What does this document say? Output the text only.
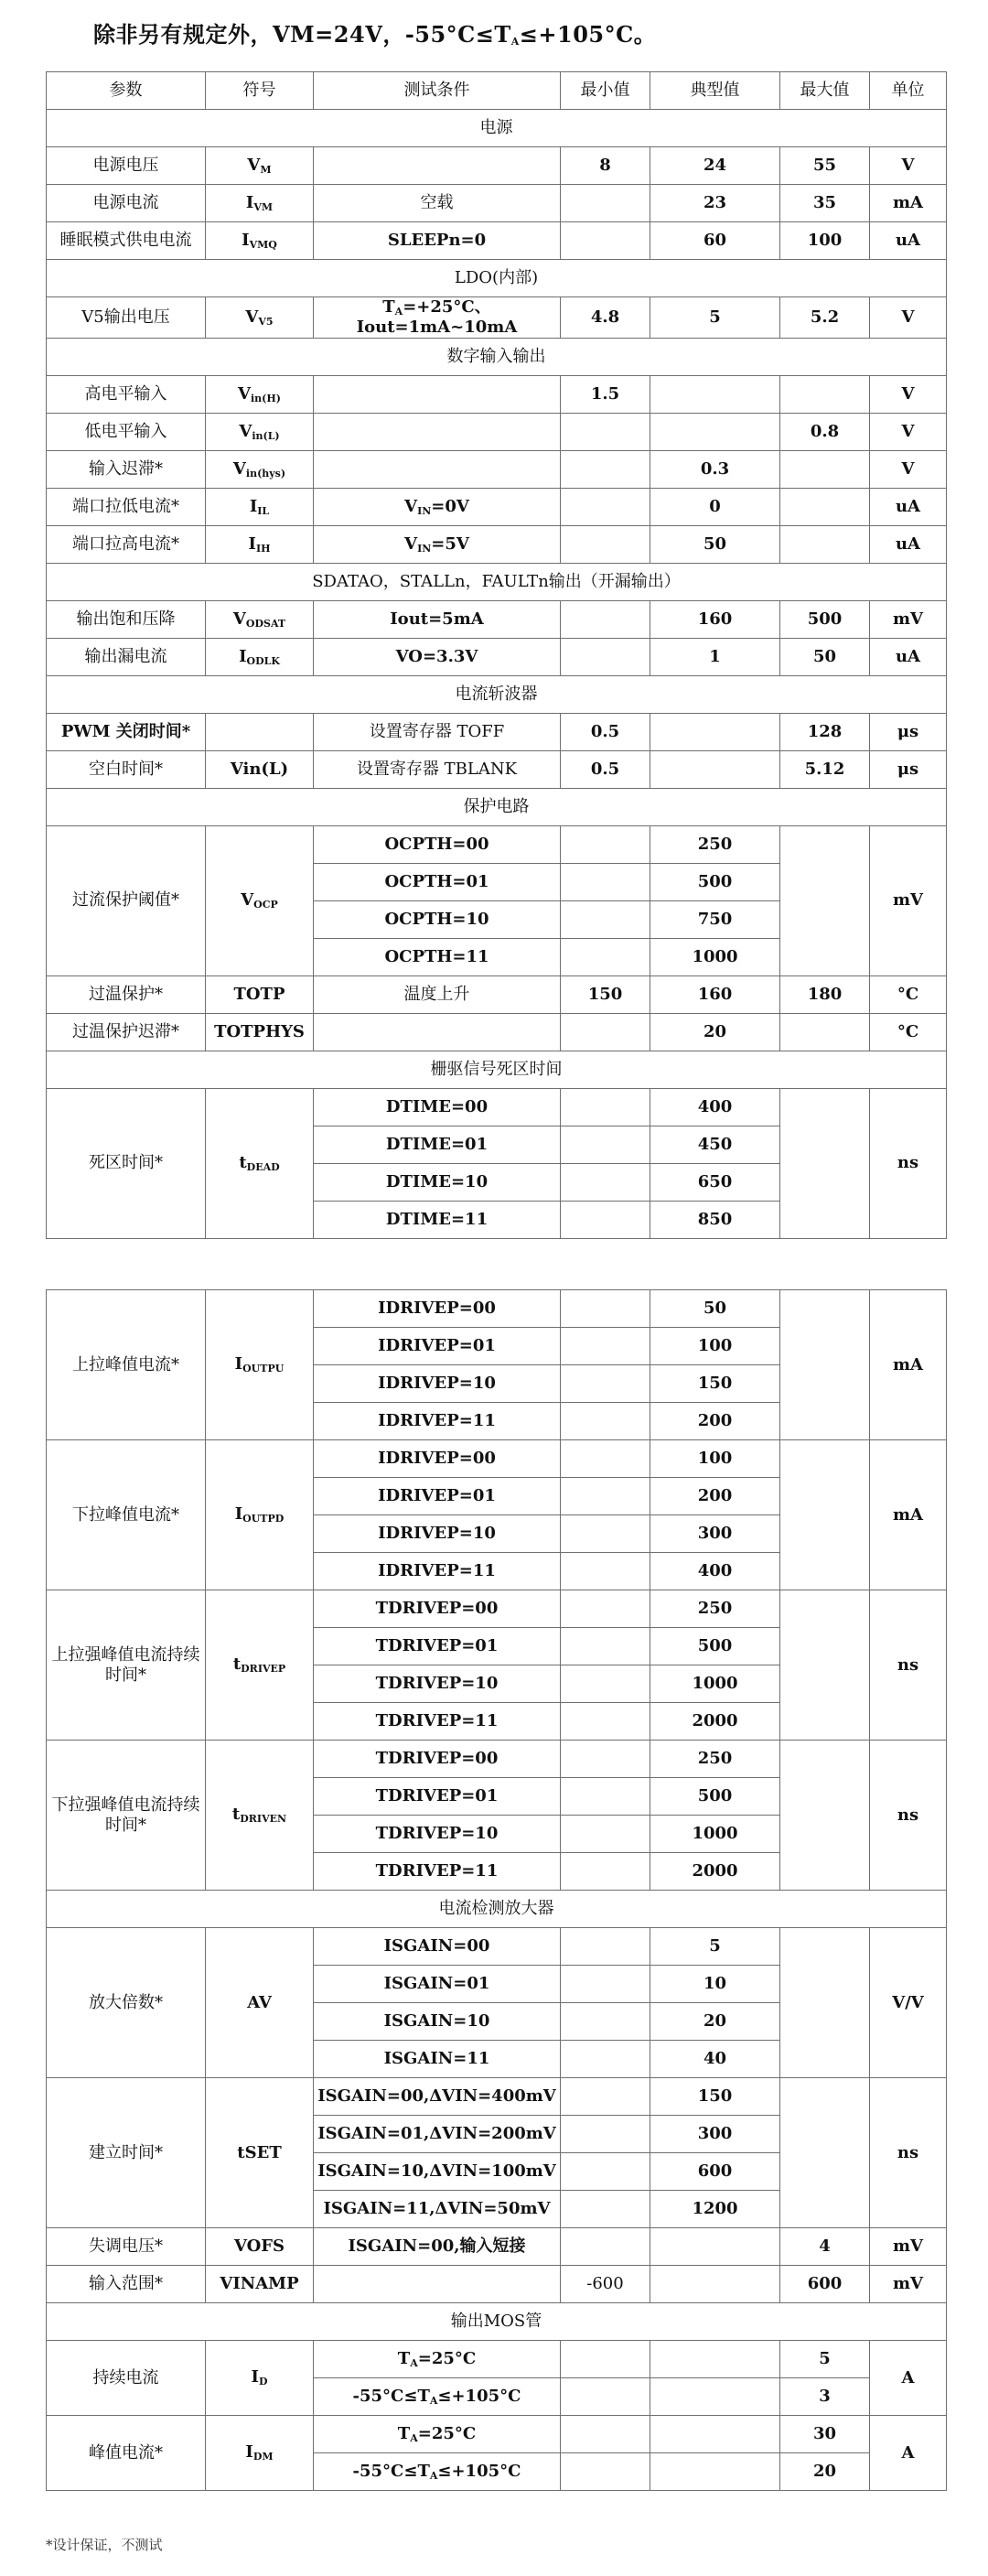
除非另有规定外，VM=24V，$-55^\circ C\le T_A\le+105^\circ C$。
参数	符号	测试条件	最小值	典型值	最大值	单位
电源						
电源电压	$V_M$		8	24	55	V
电源电流	$I_{VM}$	空载		23	35	mA
睡眠模式供电电流	$I_{VMQ}$	SLEEPn=0		60	100	uA
LDO(内部)						
V5输出电压	$V_{V5}$	$T_A=+25^\circ C$、Iout=1mA~10mA	4.8	5	5.2	V
数字输入输出						
高电平输入	$V_{in(H)}$		1.5			V
低电平输入	$V_{in(L)}$				0.8	V
输入迟滞*	$V_{in(hys)}$			0.3		V
端口拉低电流*	$I_{IL}$	$V_{IN}=0V$		0		uA
端口拉高电流*	$I_{IH}$	$V_{IN}=5V$		50		uA
SDATAO，STALLn，FAULTn输出（开漏输出）						
输出饱和压降	$V_{ODSAT}$	Iout=5mA		160	500	mV
输出漏电流	$I_{ODLK}$	VO=3.3V		1	50	uA
电流斩波器						
PWM 关闭时间*		设置寄存器 TOFF	0.5		128	μs
空白时间*	Vin(L)	设置寄存器 TBLANK	0.5		5.12	μs
保护电路						
过流保护阈值*	$V_{OCP}$	OCPTH=00		250		mV
		OCPTH=01		500		
		OCPTH=10		750		
		OCPTH=11		1000		
过温保护*	TOTP	温度上升	150	160	180	°C
过温保护迟滞*	TOTPHYS			20		°C
栅驱信号死区时间						
死区时间*	$t_{DEAD}$	DTIME=00		400		ns
		DTIME=01		450		
		DTIME=10		650		
		DTIME=11		850		
上拉峰值电流*	$I_{OUTPU}$	IDRIVEP=00		50		mA
		IDRIVEP=01		100		
		IDRIVEP=10		150		
		IDRIVEP=11		200		
下拉峰值电流*	$I_{OUTPD}$	IDRIVEP=00		100		mA
		IDRIVEP=01		200		
		IDRIVEP=10		300		
		IDRIVEP=11		400		
上拉强峰值电流持续时间*	$t_{DRIVEP}$	TDRIVEP=00		250		ns
		TDRIVEP=01		500		
		TDRIVEP=10		1000		
		TDRIVEP=11		2000		
下拉强峰值电流持续时间*	$t_{DRIVEN}$	TDRIVEP=00		250		ns
		TDRIVEP=01		500		
		TDRIVEP=10		1000		
		TDRIVEP=11		2000		
电流检测放大器						
放大倍数*	AV	ISGAIN=00		5		V/V
		ISGAIN=01		10		
		ISGAIN=10		20		
		ISGAIN=11		40		
建立时间*	tSET	ISGAIN=00,ΔVIN=400mV		150		ns
		ISGAIN=01,ΔVIN=200mV		300		
		ISGAIN=10,ΔVIN=100mV		600		
		ISGAIN=11,ΔVIN=50mV		1200		
失调电压*	VOFS	ISGAIN=00,输入短接			4	mV
输入范围*	VINAMP		-600		600	mV
输出MOS管						
持续电流	$I_D$	$T_A=25^\circ C$			5	A
		$-55^\circ C\le T_A\le+105^\circ C$			3	
峰值电流*	$I_{DM}$	$T_A=25^\circ C$			30	A
		$-55^\circ C\le T_A\le+105^\circ C$			20	
*设计保证，不测试
